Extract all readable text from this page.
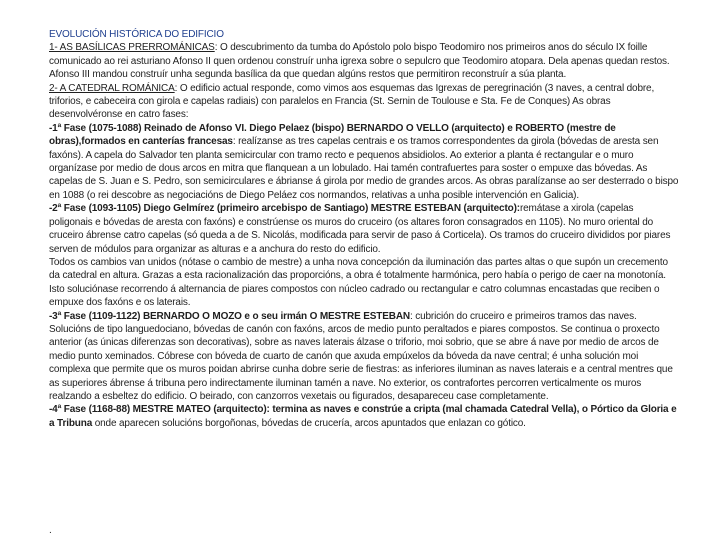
EVOLUCIÓN HISTÓRICA DO EDIFICIO

1- AS BASÍLICAS PRERROMÁNICAS: O descubrimento da tumba do Apóstolo polo bispo Teodomiro nos primeiros anos do século IX foille comunicado ao rei asturiano Afonso II quen ordenou construír unha igrexa sobre o sepulcro que Teodomiro atopara. Dela apenas quedan restos. Afonso III mandou construír unha segunda basílica da que quedan algúns restos que permitiron reconstruír a súa planta.

2- A CATEDRAL ROMÁNICA: O edificio actual responde, como vimos aos esquemas das Igrexas de peregrinación (3 naves, a central dobre, triforios, e cabeceira con girola e capelas radiais) con paralelos en Francia (St. Sernin de Toulouse e Sta. Fe de Conques) As obras desenvolvéronse en catro fases:

-1ª Fase (1075-1088) Reinado de Afonso VI. Diego Pelaez (bispo) BERNARDO O VELLO (arquitecto) e ROBERTO (mestre de obras),formados en canterías francesas: realízanse as tres capelas centrais e os tramos correspondentes da girola (bóvedas de aresta sen faxóns). A capela do Salvador ten planta semicircular con tramo recto e pequenos absidiolos. Ao exterior a planta é rectangular e o muro organízase por medio de dous arcos en mitra que flanquean a un lobulado. Hai tamén contrafuertes para soster o empuxe das bóvedas. As capelas de S. Juan e S. Pedro, son semicirculares e ábrianse á girola por medio de grandes arcos. As obras paralízanse ao ser desterrado o bispo en 1088 (o rei descobre as negociacións de Diego Peláez cos normandos, relativas a unha posible intervención en Galicia).

-2ª Fase (1093-1105) Diego Gelmírez (primeiro arcebispo de Santiago) MESTRE ESTEBAN (arquitecto):remátase a xirola (capelas poligonais e bóvedas de aresta con faxóns) e constrúense os muros do cruceiro (os altares foron consagrados en 1105). No muro oriental do cruceiro ábrense catro capelas (só queda a de S. Nicolás, modificada para servir de paso á Corticela). Os tramos do cruceiro divididos por piares serven de módulos para organizar as alturas e a anchura do resto do edificio.

Todos os cambios van unidos (nótase o cambio de mestre) a unha nova concepción da iluminación das partes altas o que supón un crecemento da catedral en altura. Grazas a esta racionalización das proporcións, a obra é totalmente harmónica, pero había o perigo de caer na monotonía. Isto soluciónase recorrendo á alternancia de piares compostos con núcleo cadrado ou rectangular e catro columnas encastadas que reciben o empuxe dos faxóns e os laterais.

-3ª Fase (1109-1122) BERNARDO O MOZO e o seu irmán O MESTRE ESTEBAN: cubrición do cruceiro e primeiros tramos das naves. Solucións de tipo languedociano, bóvedas de canón con faxóns, arcos de medio punto peraltados e piares compostos. Se continua o proxecto anterior (as únicas diferenzas son decorativas), sobre as naves laterais álzase o triforio, moi sobrio, que se abre á nave por medio de arcos de medio punto xeminados. Cóbrese con bóveda de cuarto de canón que axuda empúxelos da bóveda da nave central; é unha solución moi complexa que permite que os muros poidan abrirse cunha dobre serie de fiestras: as inferiores iluminan as naves laterais e a central mentres que as superiores ábrense á tribuna pero indirectamente iluminan tamén a nave. No exterior, os contrafortes percorren verticalmente os muros realzando a esbeltez do edificio. O beirado, con canzorros vexetais ou figurados, desapareceu case completamente.

-4ª Fase (1168-88) MESTRE MATEO (arquitecto): termina as naves e constrúe a cripta (mal chamada Catedral Vella), o Pórtico da Gloria e a Tribuna onde aparecen solucións borgoñonas, bóvedas de crucería, arcos apuntados que enlazan co gótico.

.
